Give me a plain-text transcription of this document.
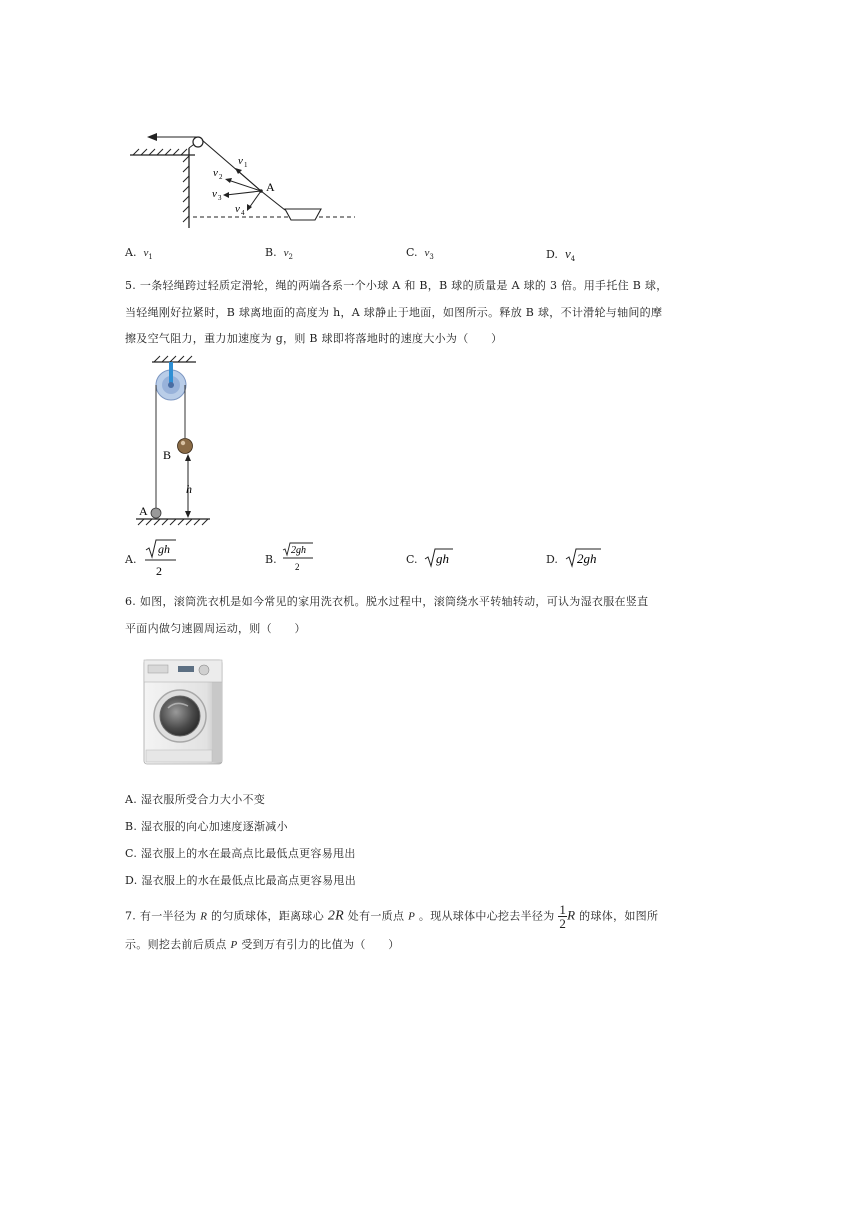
v 1
v 2
v 3
v 4
A
A. $v_1$	B. $v_2$	C. $v_3$	D. $v_4$
5. 一条轻绳跨过轻质定滑轮，绳的两端各系一个小球 A 和 B，B 球的质量是 A 球的 3 倍。用手托住 B 球，
当轻绳刚好拉紧时，B 球离地面的高度为 h，A 球静止于地面，如图所示。释放 B 球，不计滑轮与轴间的摩
擦及空气阻力，重力加速度为 g，则 B 球即将落地时的速度大小为（　　）
h
B
A
A.
gh
2
B.
2gh
2
C. gh	D. 2gh
6. 如图，滚筒洗衣机是如今常见的家用洗衣机。脱水过程中，滚筒绕水平转轴转动，可认为湿衣服在竖直
平面内做匀速圆周运动，则（　　）
A. 湿衣服所受合力大小不变
B. 湿衣服的向心加速度逐渐减小
C. 湿衣服上的水在最高点比最低点更容易甩出
D. 湿衣服上的水在最低点比最高点更容易甩出
7. 有一半径为 R 的匀质球体，距离球心 2R 处有一质点 P 。现从球体中心挖去半径为 $\frac{1}{2}$ R 的球体，如图所
示。则挖去前后质点 P 受到万有引力的比值为（　　）
